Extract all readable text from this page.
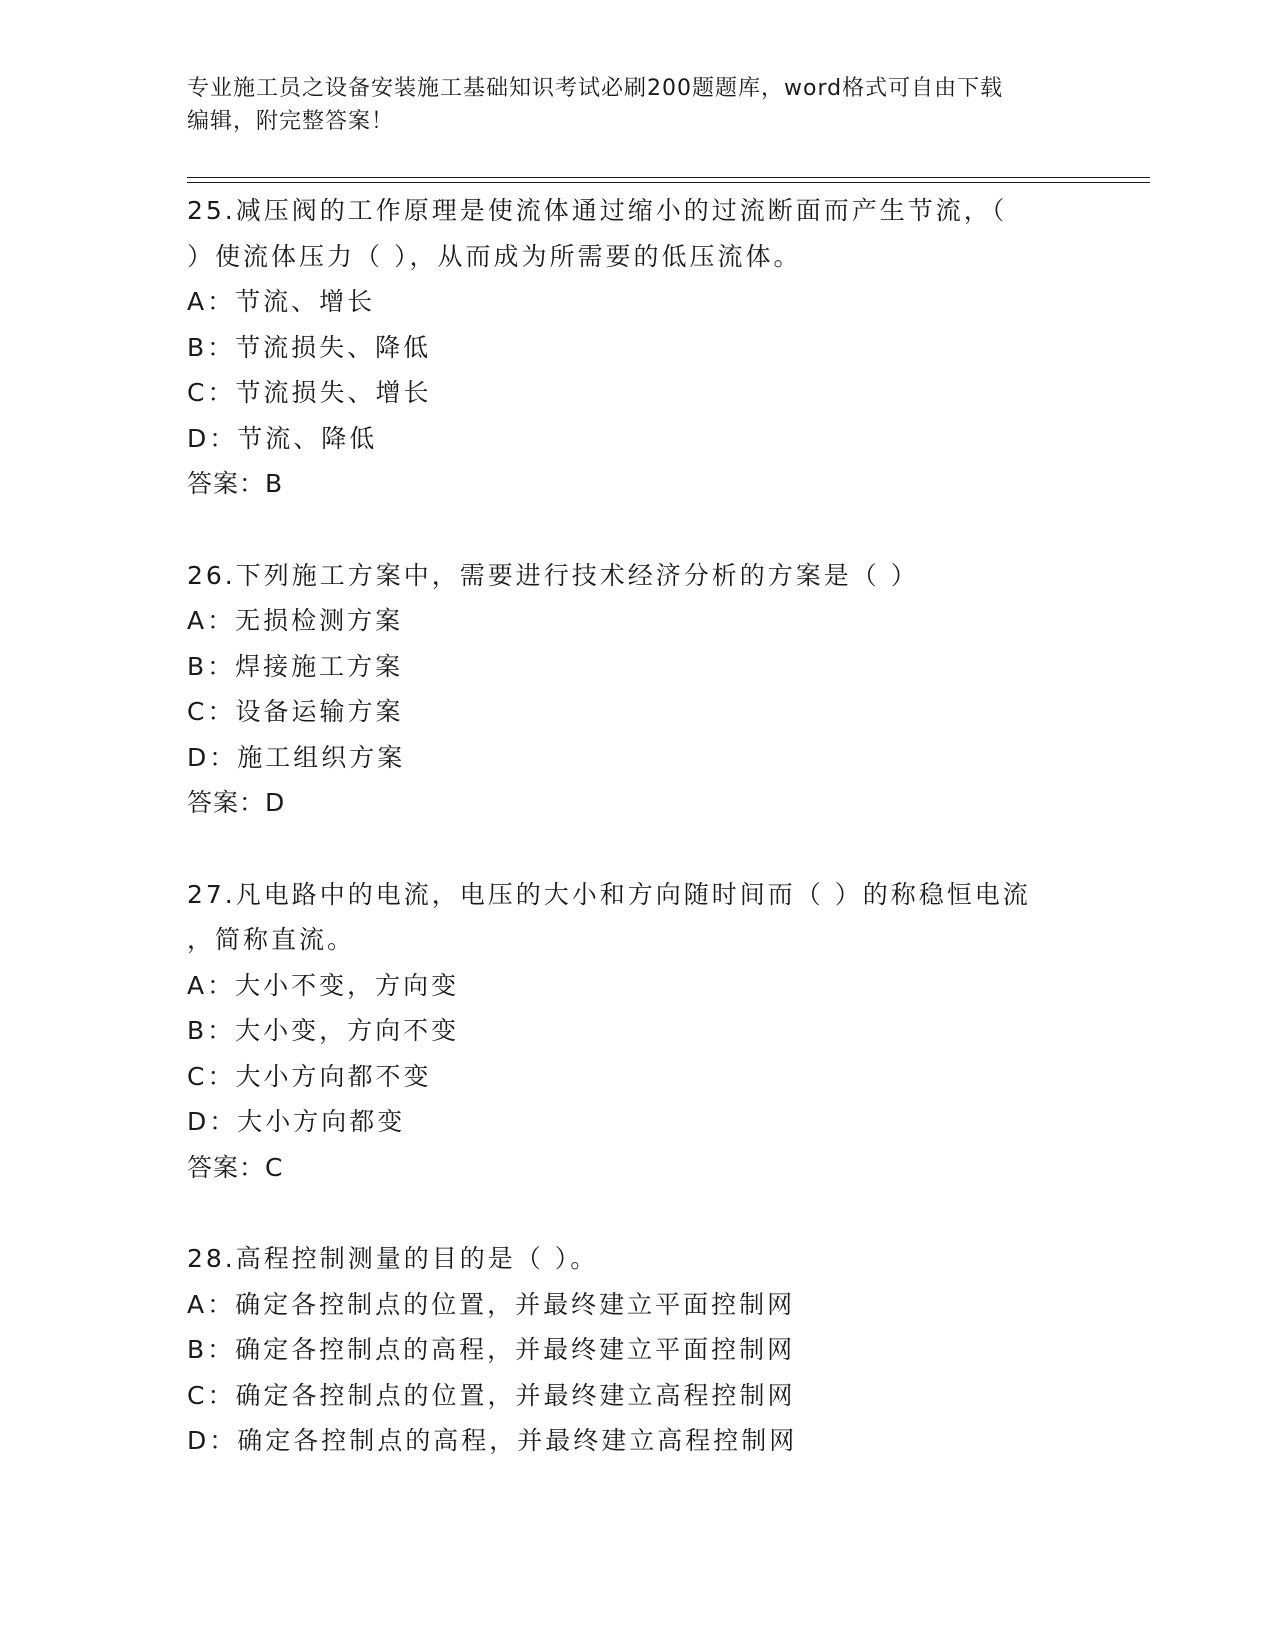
专业施工员之设备安装施工基础知识考试必刷200题题库，word格式可自由下载
编辑，附完整答案！
25.减压阀的工作原理是使流体通过缩小的过流断面而产生节流，（
）使流体压力（ ），从而成为所需要的低压流体。
A：节流、增长
B：节流损失、降低
C：节流损失、增长
D：节流、降低
答案：B
26.下列施工方案中，需要进行技术经济分析的方案是（ ）
A：无损检测方案
B：焊接施工方案
C：设备运输方案
D：施工组织方案
答案：D
27.凡电路中的电流，电压的大小和方向随时间而（ ）的称稳恒电流
，简称直流。
A：大小不变，方向变
B：大小变，方向不变
C：大小方向都不变
D：大小方向都变
答案：C
28.高程控制测量的目的是（ ）。
A：确定各控制点的位置，并最终建立平面控制网
B：确定各控制点的高程，并最终建立平面控制网
C：确定各控制点的位置，并最终建立高程控制网
D：确定各控制点的高程，并最终建立高程控制网
